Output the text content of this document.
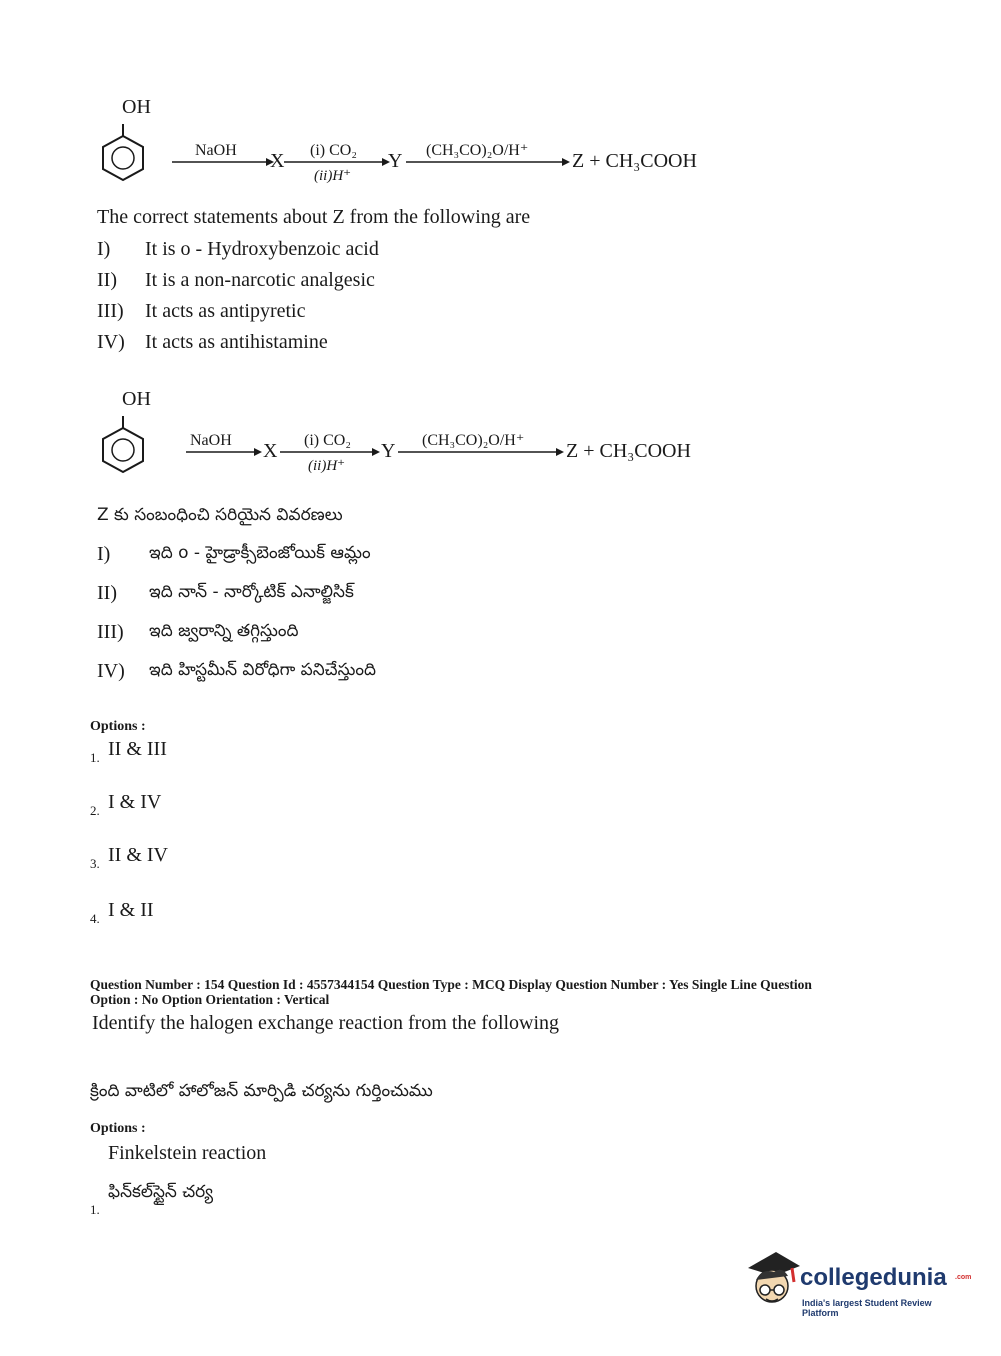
OH
NaOH X (i) CO₂
(ii)H⁺
Y (CH₃CO)₂O/H⁺ Z + CH₃COOH
The correct statements about Z from the following are
I) It is o - Hydroxybenzoic acid
II) It is a non-narcotic analgesic
III) It acts as antipyretic
IV) It acts as antihistamine
OH
NaOH X (i) CO₂
(ii)H⁺
Y (CH₃CO)₂O/H⁺ Z + CH₃COOH
Z కు సంబంధించి సరియైన వివరణలు
I) ఇది o - హైడ్రాక్సీబెంజోయిక్ ఆమ్లం
II) ఇది నాన్ - నార్కోటిక్ ఎనాల్జిసిక్
III) ఇది జ్వరాన్ని తగ్గిస్తుంది
IV) ఇది హిస్టమీన్ విరోధిగా పనిచేస్తుంది
Options :
1. II & III
2. I & IV
3. II & IV
4. I & II
Question Number : 154 Question Id : 4557344154 Question Type : MCQ Display Question Number : Yes Single Line Question
Option : No Option Orientation : Vertical
Identify the halogen exchange reaction from the following
క్రింది వాటిలో హాలోజన్ మార్పిడి చర్యను గుర్తించుము
Options :
Finkelstein reaction
ఫిన్‌కల్‌స్టైన్ చర్య
1.
collegedunia .com
India's largest Student Review Platform
